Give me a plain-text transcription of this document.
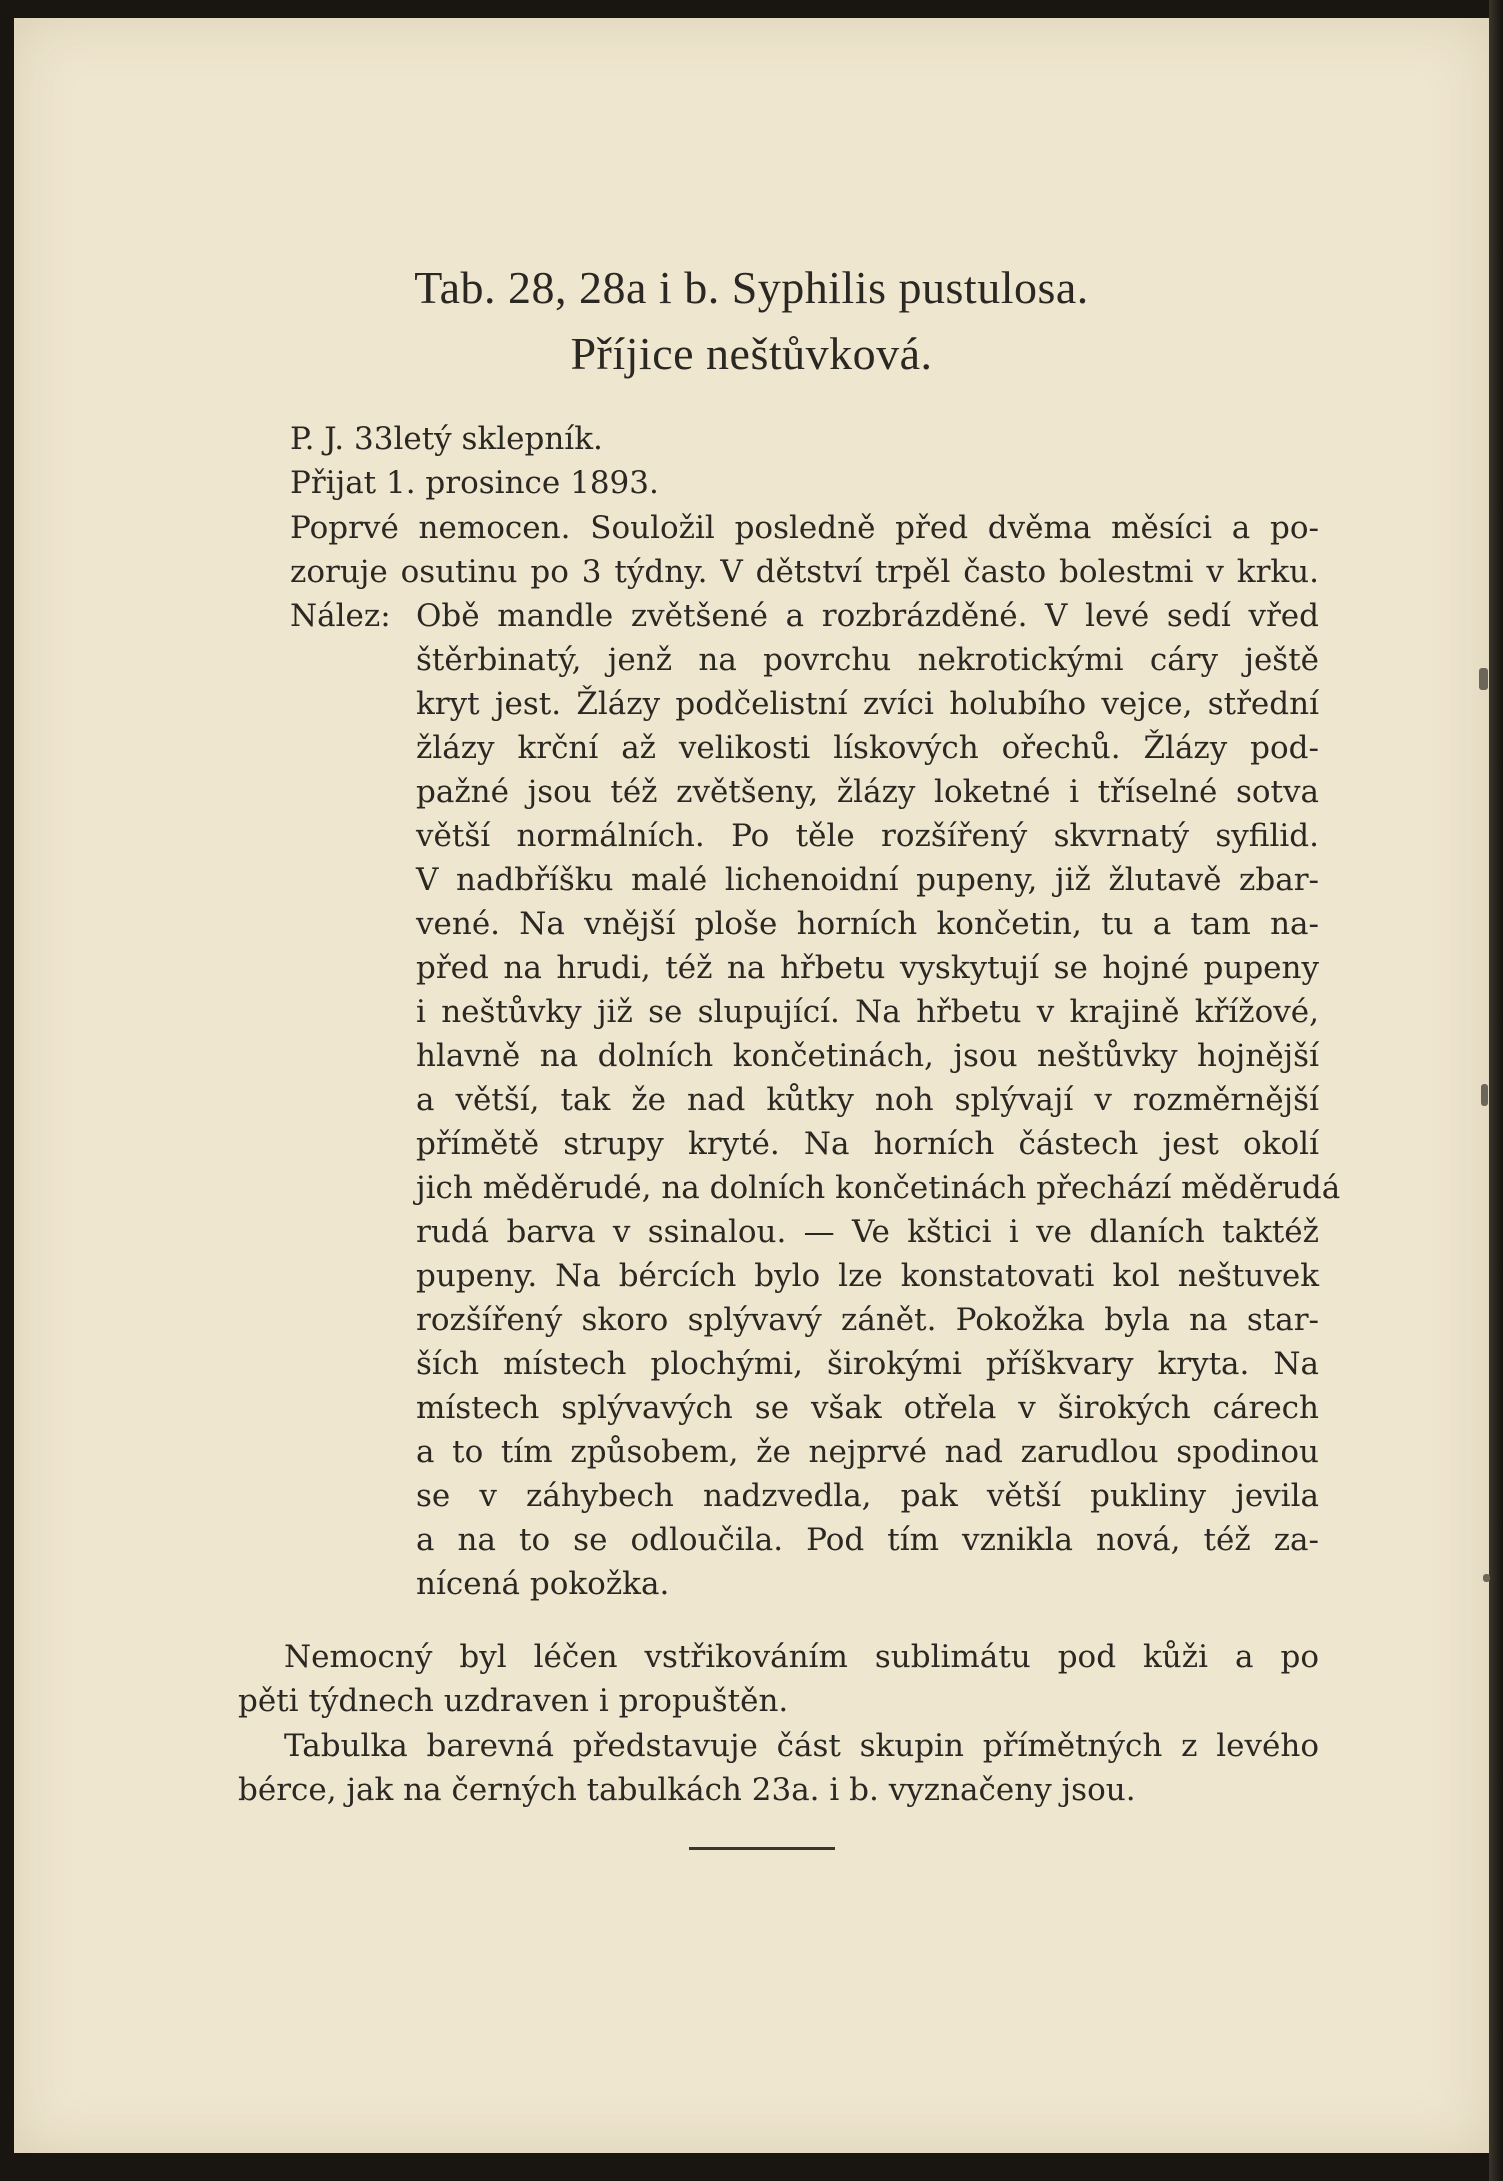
Tab. 28, 28a i b. Syphilis pustulosa.
Příjice neštůvková.
P. J. 33letý sklepník.
Přijat 1. prosince 1893.
Poprvé nemocen. Souložil posledně před dvěma měsíci a po-
zoruje osutinu po 3 týdny. V dětství trpěl často bolestmi v krku.
Nález: Obě mandle zvětšené a rozbrázděné. V levé sedí vřed
štěrbinatý, jenž na povrchu nekrotickými cáry ještě
kryt jest. Žlázy podčelistní zvíci holubího vejce, střední
žlázy krční až velikosti lískových ořechů. Žlázy pod-
pažné jsou též zvětšeny, žlázy loketné i tříselné sotva
větší normálních. Po těle rozšířený skvrnatý syfilid.
V nadbříšku malé lichenoidní pupeny, již žlutavě zbar-
vené. Na vnější ploše horních končetin, tu a tam na-
před na hrudi, též na hřbetu vyskytují se hojné pupeny
i neštůvky již se slupující. Na hřbetu v krajině křížové,
hlavně na dolních končetinách, jsou neštůvky hojnější
a větší, tak že nad kůtky noh splývají v rozměrnější
přímětě strupy kryté. Na horních částech jest okolí
jich měděrudé, na dolních končetinách přechází měděrudá
rudá barva v ssinalou. — Ve kštici i ve dlaních taktéž
pupeny. Na bércích bylo lze konstatovati kol neštuvek
rozšířený skoro splývavý zánět. Pokožka byla na star-
ších místech plochými, širokými příškvary kryta. Na
místech splývavých se však otřela v širokých cárech
a to tím způsobem, že nejprvé nad zarudlou spodinou
se v záhybech nadzvedla, pak větší pukliny jevila
a na to se odloučila. Pod tím vznikla nová, též za-
nícená pokožka.
Nemocný byl léčen vstřikováním sublimátu pod kůži a po
pěti týdnech uzdraven i propuštěn.
Tabulka barevná představuje část skupin přímětných z levého
bérce, jak na černých tabulkách 23a. i b. vyznačeny jsou.
